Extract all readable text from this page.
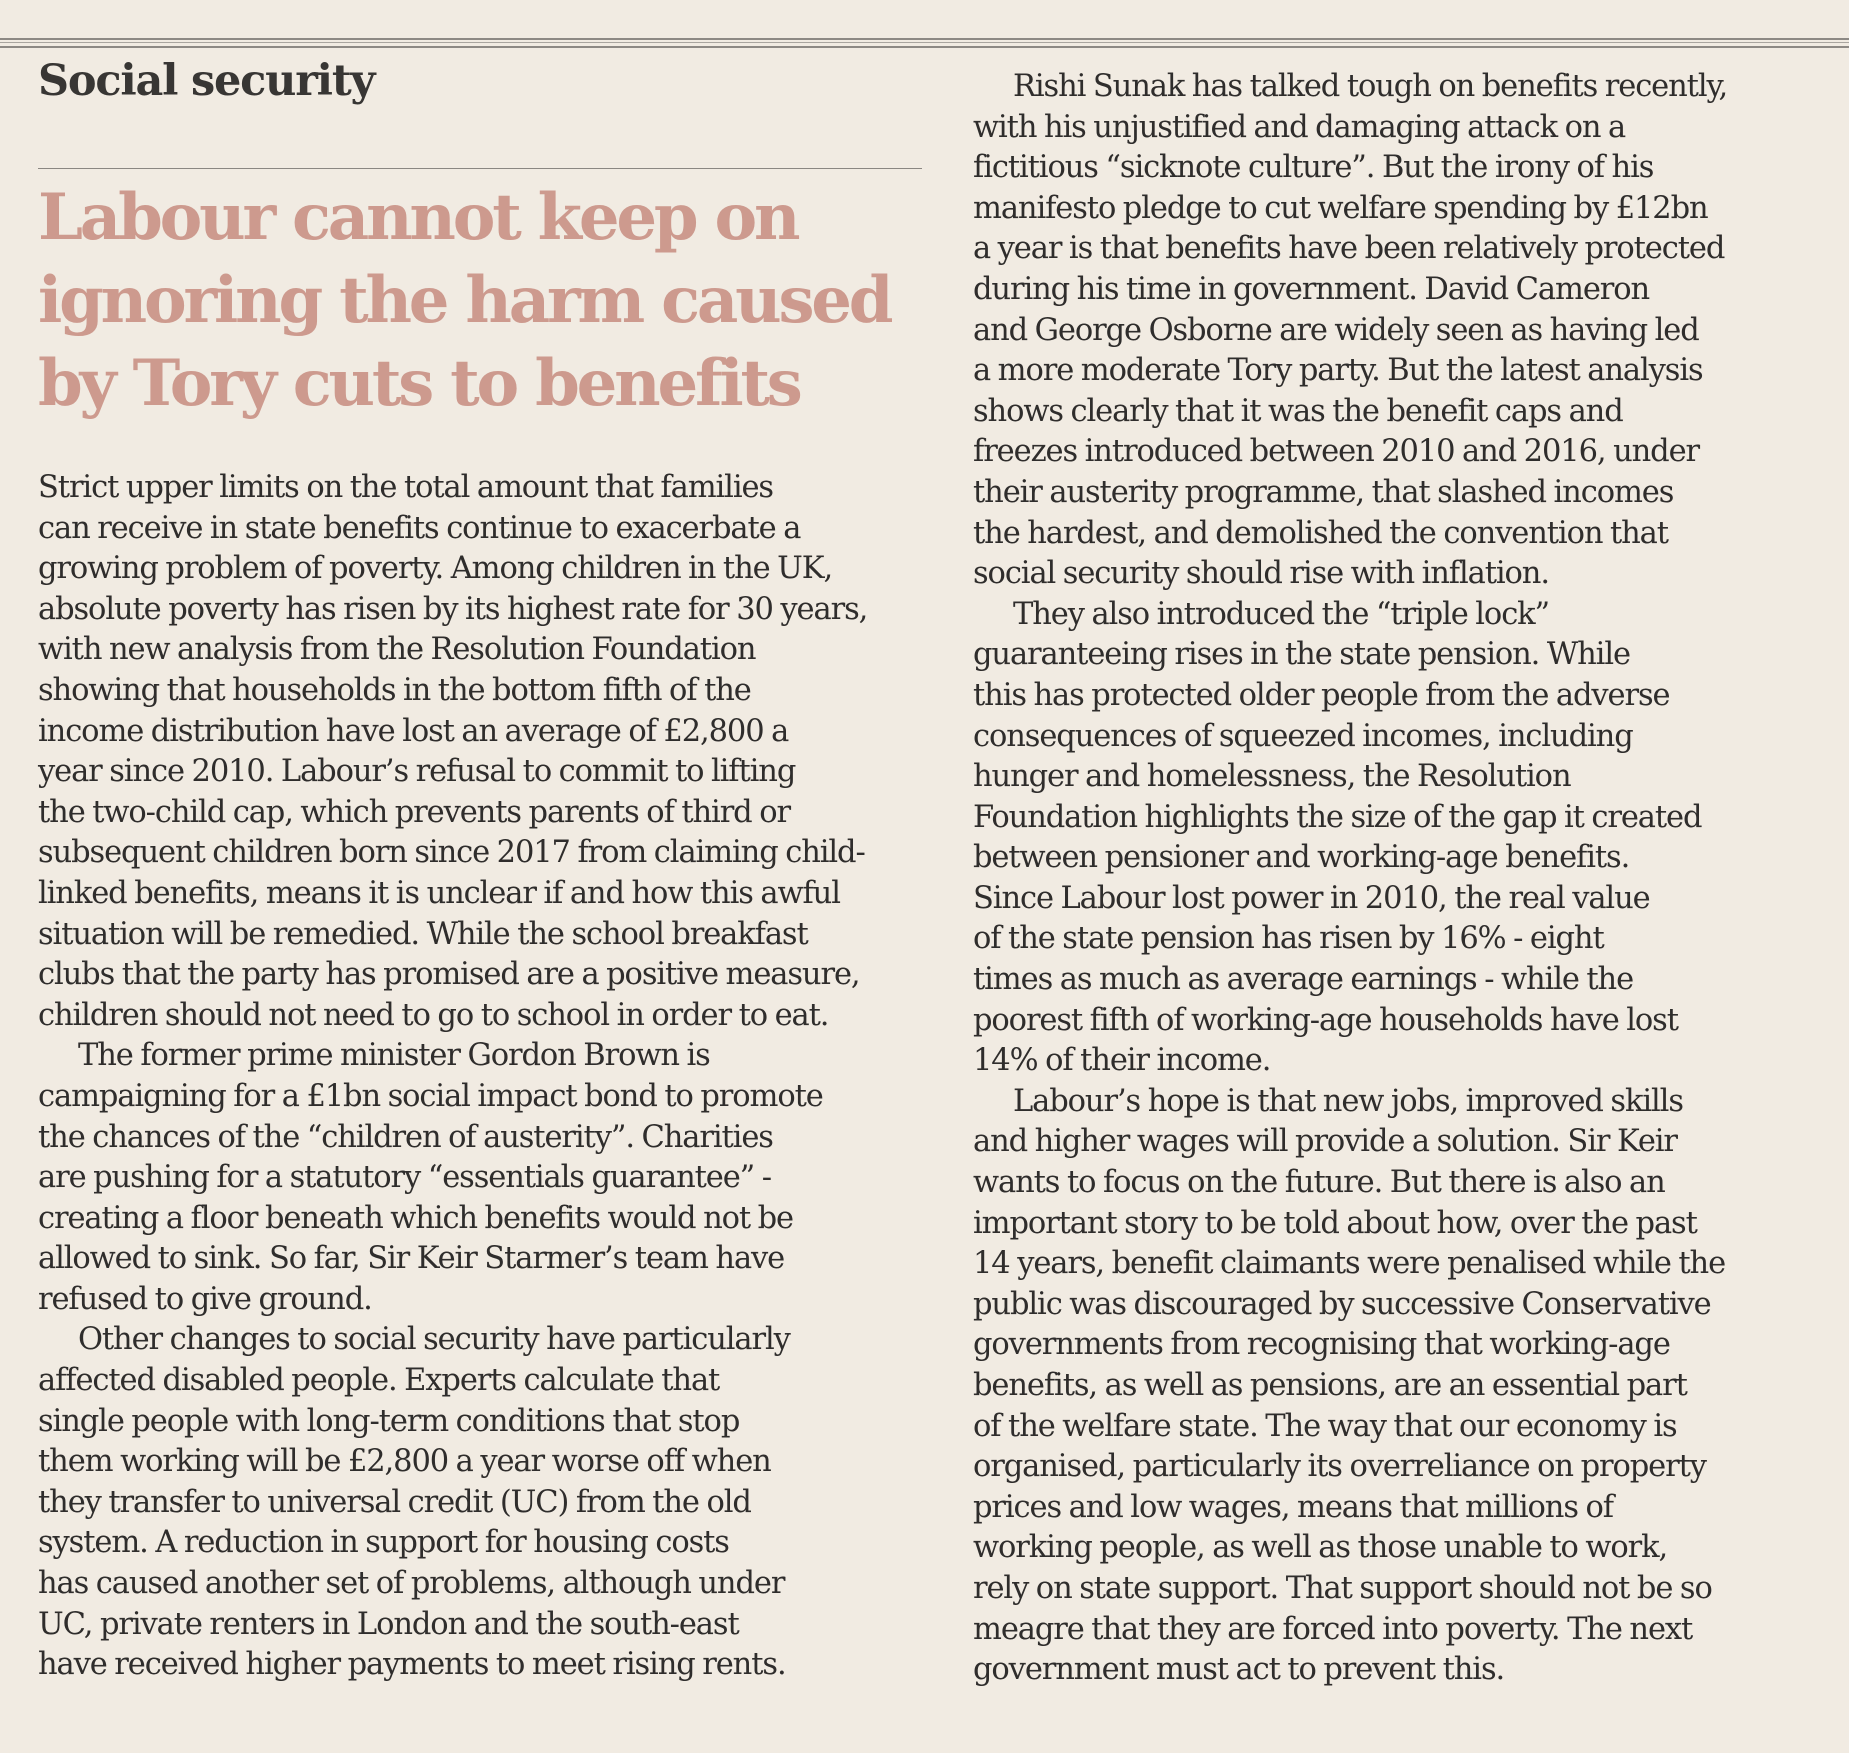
Social security
Labour cannot keep on
ignoring the harm caused
by Tory cuts to benefits

Strict upper limits on the total amount that families
can receive in state benefits continue to exacerbate a
growing problem of poverty. Among children in the UK,
absolute poverty has risen by its highest rate for 30 years,
with new analysis from the Resolution Foundation
showing that households in the bottom fifth of the
income distribution have lost an average of £2,800 a
year since 2010. Labour’s refusal to commit to lifting
the two-child cap, which prevents parents of third or
subsequent children born since 2017 from claiming child-
linked benefits, means it is unclear if and how this awful
situation will be remedied. While the school breakfast
clubs that the party has promised are a positive measure,
children should not need to go to school in order to eat.

The former prime minister Gordon Brown is
campaigning for a £1bn social impact bond to promote
the chances of the “children of austerity”. Charities
are pushing for a statutory “essentials guarantee” -
creating a floor beneath which benefits would not be
allowed to sink. So far, Sir Keir Starmer’s team have
refused to give ground.

Other changes to social security have particularly
affected disabled people. Experts calculate that
single people with long-term conditions that stop
them working will be £2,800 a year worse off when
they transfer to universal credit (UC) from the old
system. A reduction in support for housing costs
has caused another set of problems, although under
UC, private renters in London and the south-east
have received higher payments to meet rising rents.

Rishi Sunak has talked tough on benefits recently,
with his unjustified and damaging attack on a
fictitious “sicknote culture”. But the irony of his
manifesto pledge to cut welfare spending by £12bn
a year is that benefits have been relatively protected
during his time in government. David Cameron
and George Osborne are widely seen as having led
a more moderate Tory party. But the latest analysis
shows clearly that it was the benefit caps and
freezes introduced between 2010 and 2016, under
their austerity programme, that slashed incomes
the hardest, and demolished the convention that
social security should rise with inflation.

They also introduced the “triple lock”
guaranteeing rises in the state pension. While
this has protected older people from the adverse
consequences of squeezed incomes, including
hunger and homelessness, the Resolution
Foundation highlights the size of the gap it created
between pensioner and working-age benefits.
Since Labour lost power in 2010, the real value
of the state pension has risen by 16% - eight
times as much as average earnings - while the
poorest fifth of working-age households have lost
14% of their income.

Labour’s hope is that new jobs, improved skills
and higher wages will provide a solution. Sir Keir
wants to focus on the future. But there is also an
important story to be told about how, over the past
14 years, benefit claimants were penalised while the
public was discouraged by successive Conservative
governments from recognising that working-age
benefits, as well as pensions, are an essential part
of the welfare state. The way that our economy is
organised, particularly its overreliance on property
prices and low wages, means that millions of
working people, as well as those unable to work,
rely on state support. That support should not be so
meagre that they are forced into poverty. The next
government must act to prevent this.
